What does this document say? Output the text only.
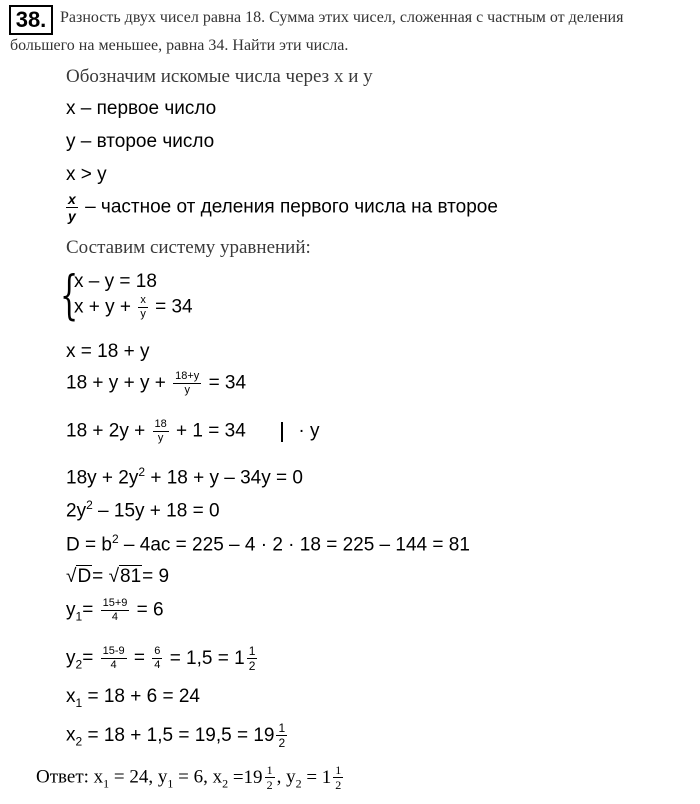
38. Разность двух чисел равна 18. Сумма этих чисел, сложенная с частным от деления
большего на меньшее, равна 34. Найти эти числа.
Обозначим искомые числа через x и y
x – первое число
y – второе число
x > y
$\frac{x}{y}$ – частное от деления первого числа на второе
Составим систему уравнений:
{
x – y = 18
$x + y + \frac{x}{y} = 34$
x = 18 + y
$18 + y + y + \frac{18+y}{y} = 34$
$18 + 2y + \frac{18}{y} + 1 = 34$	· y
$18y + 2y^2 + 18 + y - 34y = 0$
$2y^2 - 15y + 18 = 0$
$D = b^2 - 4ac = 225 - 4 \cdot 2 \cdot 18 = 225 - 144 = 81$
√D= √81= 9
$y_1= \frac{15+9}{4} = 6$
$y_2= \frac{15-9}{4} = \frac{6}{4}$
= $1,5 = 1 \frac{1}{2}$
$x_1 = 18 + 6 = 24$
$x_2 = 18 + 1,5 = 19,5 = 19 \frac{1}{2}$
Ответ: $x_1 = 24$, $y_1 = 6$, $x_2 =19 \frac{1}{2}$ , $y_2 = 1 \frac{1}{2}$
